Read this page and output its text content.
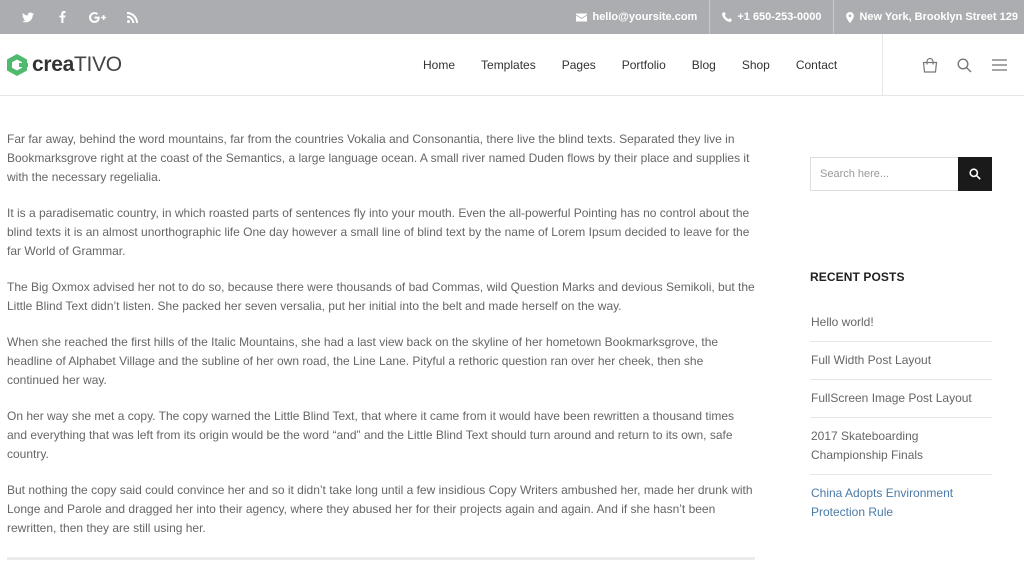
hello@yoursite.com	+1 650-253-0000	New York, Brooklyn Street 129
creaTIVO	Home	Templates	Pages	Portfolio	Blog	Shop	Contact

Far far away, behind the word mountains, far from the countries Vokalia and Consonantia, there live the blind texts. Separated they live in Bookmarksgrove right at the coast of the Semantics, a large language ocean. A small river named Duden flows by their place and supplies it with the necessary regelialia.

It is a paradisematic country, in which roasted parts of sentences fly into your mouth. Even the all-powerful Pointing has no control about the blind texts it is an almost unorthographic life One day however a small line of blind text by the name of Lorem Ipsum decided to leave for the far World of Grammar.

The Big Oxmox advised her not to do so, because there were thousands of bad Commas, wild Question Marks and devious Semikoli, but the Little Blind Text didn’t listen. She packed her seven versalia, put her initial into the belt and made herself on the way.

When she reached the first hills of the Italic Mountains, she had a last view back on the skyline of her hometown Bookmarksgrove, the headline of Alphabet Village and the subline of her own road, the Line Lane. Pityful a rethoric question ran over her cheek, then she continued her way.

On her way she met a copy. The copy warned the Little Blind Text, that where it came from it would have been rewritten a thousand times and everything that was left from its origin would be the word “and” and the Little Blind Text should turn around and return to its own, safe country.

But nothing the copy said could convince her and so it didn’t take long until a few insidious Copy Writers ambushed her, made her drunk with Longe and Parole and dragged her into their agency, where they abused her for their projects again and again. And if she hasn’t been rewritten, then they are still using her.

Search here...
RECENT POSTS
Hello world!
Full Width Post Layout
FullScreen Image Post Layout
2017 Skateboarding Championship Finals
China Adopts Environment Protection Rule
